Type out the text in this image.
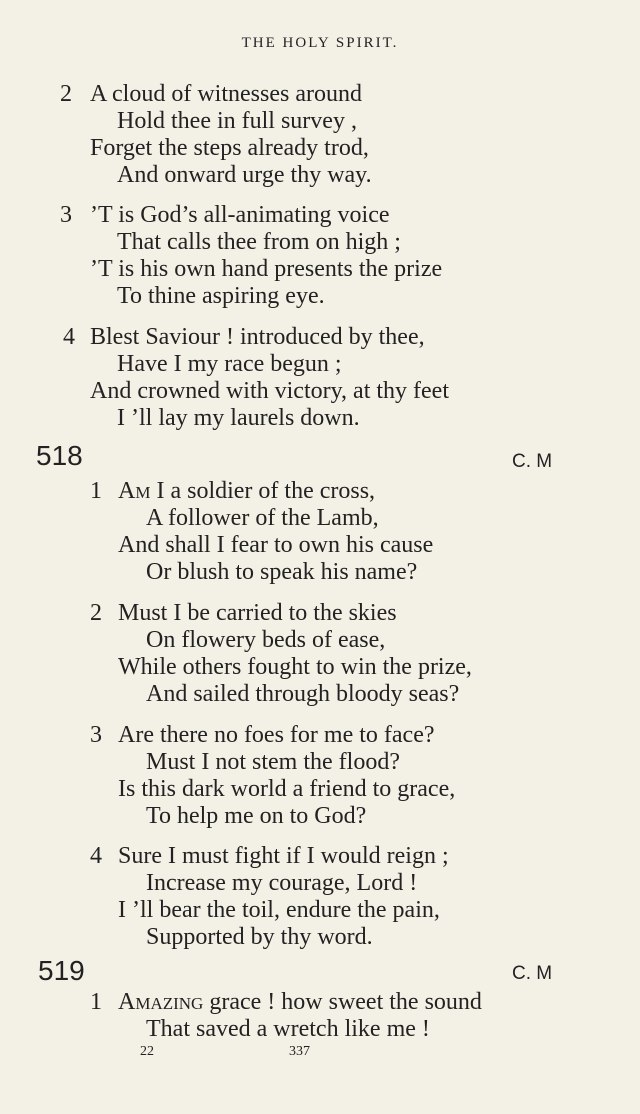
THE HOLY SPIRIT.
2 A cloud of witnesses around
Hold thee in full survey ,
Forget the steps already trod,
And onward urge thy way.
3 ’T is God’s all-animating voice
That calls thee from on high ;
’T is his own hand presents the prize
To thine aspiring eye.
4 Blest Saviour ! introduced by thee,
Have I my race begun ;
And crowned with victory, at thy feet
I ’ll lay my laurels down.
518	C. M
1 Am I a soldier of the cross,
A follower of the Lamb,
And shall I fear to own his cause
Or blush to speak his name?
2 Must I be carried to the skies
On flowery beds of ease,
While others fought to win the prize,
And sailed through bloody seas?
3 Are there no foes for me to face?
Must I not stem the flood?
Is this dark world a friend to grace,
To help me on to God?
4 Sure I must fight if I would reign ;
Increase my courage, Lord !
I ’ll bear the toil, endure the pain,
Supported by thy word.
519	C. M
1 Amazing grace ! how sweet the sound
That saved a wretch like me !
22	337
